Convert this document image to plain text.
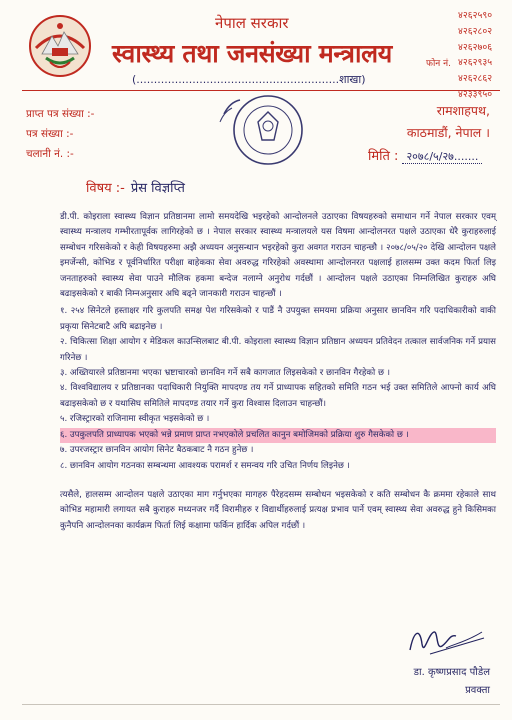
नेपाल सरकार
स्वास्थ्य तथा जनसंख्या मन्त्रालय
(..........................................................शाखा)
४२६२५९०
४२६२८०२
४२६२७०६
४२६२९३५
४२६२८६२
४२३३९५०
फोन नं.
प्राप्त पत्र संख्या :-
पत्र संख्या :-
चलानी नं. :-
रामशाहपथ,
काठमाडौं, नेपाल ।
मिति : २०७८/५/२७.......
विषय :- प्रेस विज्ञप्ति

डी.पी. कोइराला स्वास्थ्य विज्ञान प्रतिष्ठानमा लामो समयदेखि भइरहेको आन्दोलनले उठाएका विषयहरुको समाधान गर्ने नेपाल सरकार एवम् स्वास्थ्य मन्त्रालय गम्भीरतापूर्वक लागिरहेको छ । नेपाल सरकार स्वास्थ्य मन्त्रालयले यस विषमा आन्दोलनरत पक्षले उठाएका धेरै कुराहरुलाई सम्बोधन गरिसकेको र केही विषयहरुमा अझै अध्ययन अनुसन्धान भइरहेको कुरा अवगत गराउन चाहन्छौ । २०७८/०५/२० देखि आन्दोलन पक्षले इमर्जेन्सी, कोभिड र पूर्वनिर्धारित परीक्षा बाहेकका सेवा अवरुद्ध गरिरहेको अवस्थामा आन्दोलनरत पक्षलाई हालसम्म उक्त कदम फिर्ता लिइ जनताहरुको स्वास्थ्य सेवा पाउने मौलिक हकमा बन्देज नलाग्ने अनुरोध गर्दछौं । आन्दोलन पक्षले उठाएका निम्नलिखित कुराहरु अघि बढाइसकेको र बाकी निम्नअनुसार अघि बढ्ने जानकारी गराउन चाहन्छौं ।

१. २५४ सिनेटले हस्ताक्षर गरि कुलपति समक्ष पेश गरिसकेको र पाडैं नै उपयुक्त समयमा प्रक्रिया अनुसार छानविन गरि पदाधिकारीको वाकी प्रकृया सिनेटबाटै अघि बढाइनेछ ।
२. चिकित्सा शिक्षा आयोग र मेडिकल काउन्सिलबाट बी.पी. कोइराला स्वास्थ्य विज्ञान प्रतिष्ठान अध्ययन प्रतिवेदन तत्काल सार्वजनिक गर्ने प्रयास गरिनेछ ।
३. अख्तियारले प्रतिष्ठानमा भएका भ्रष्टाचारको छानविन गर्ने सबै कागजात लिइसकेको र छानविन गैरहेको छ ।
४. विश्वविद्यालय र प्रतिष्ठानका पदाधिकारी नियुक्ति मापदण्ड तय गर्ने प्राध्यापक सहितको समिति गठन भई उक्त समितिले आफ्नो कार्य अघि बढाइसकेको छ र यथासिघ समितिले मापदण्ड तयार गर्ने कुरा विश्वास दिलाउन चाहन्छौं।
५. रजिस्ट्रारको राजिनामा स्वीकृत भइसकेको छ ।
६. उपकुलपति प्राध्यापक भएको भन्ने प्रमाण प्राप्त नभएकोले प्रचलित कानुन बमोजिमको प्रक्रिया शुरु गैसकेको छ ।
७. उपरजस्ट्रार छानविन आयोग सिनेट बैठकबाट नै गठन हुनेछ ।
८. छानविन आयोग गठनका सम्बन्धमा आवश्यक परामर्श र समन्वय गरि उचित निर्णय लिइनेछ ।

त्यसैले, हालसम्म आन्दोलन पक्षले उठाएका माग गर्नुभएका मागहरु पैरेहदसम्म सम्बोधन भइसकेको र कति सम्बोधन कै क्रममा रहेकाले साथ कोभिड महामारी लगायत सबै कुराहरु मध्यनजर गर्दै विरामीहरु र विद्यार्थीहरुलाई प्रत्यक्ष प्रभाव पार्ने एवम् स्वास्थ्य सेवा अवरुद्ध हुने किसिमका कुनैपनि आन्दोलनका कार्यक्रम फिर्ता लिई कक्षामा फर्किन हार्दिक अपिल गर्दछौं ।

डा. कृष्णप्रसाद पौडेल
प्रवक्ता
